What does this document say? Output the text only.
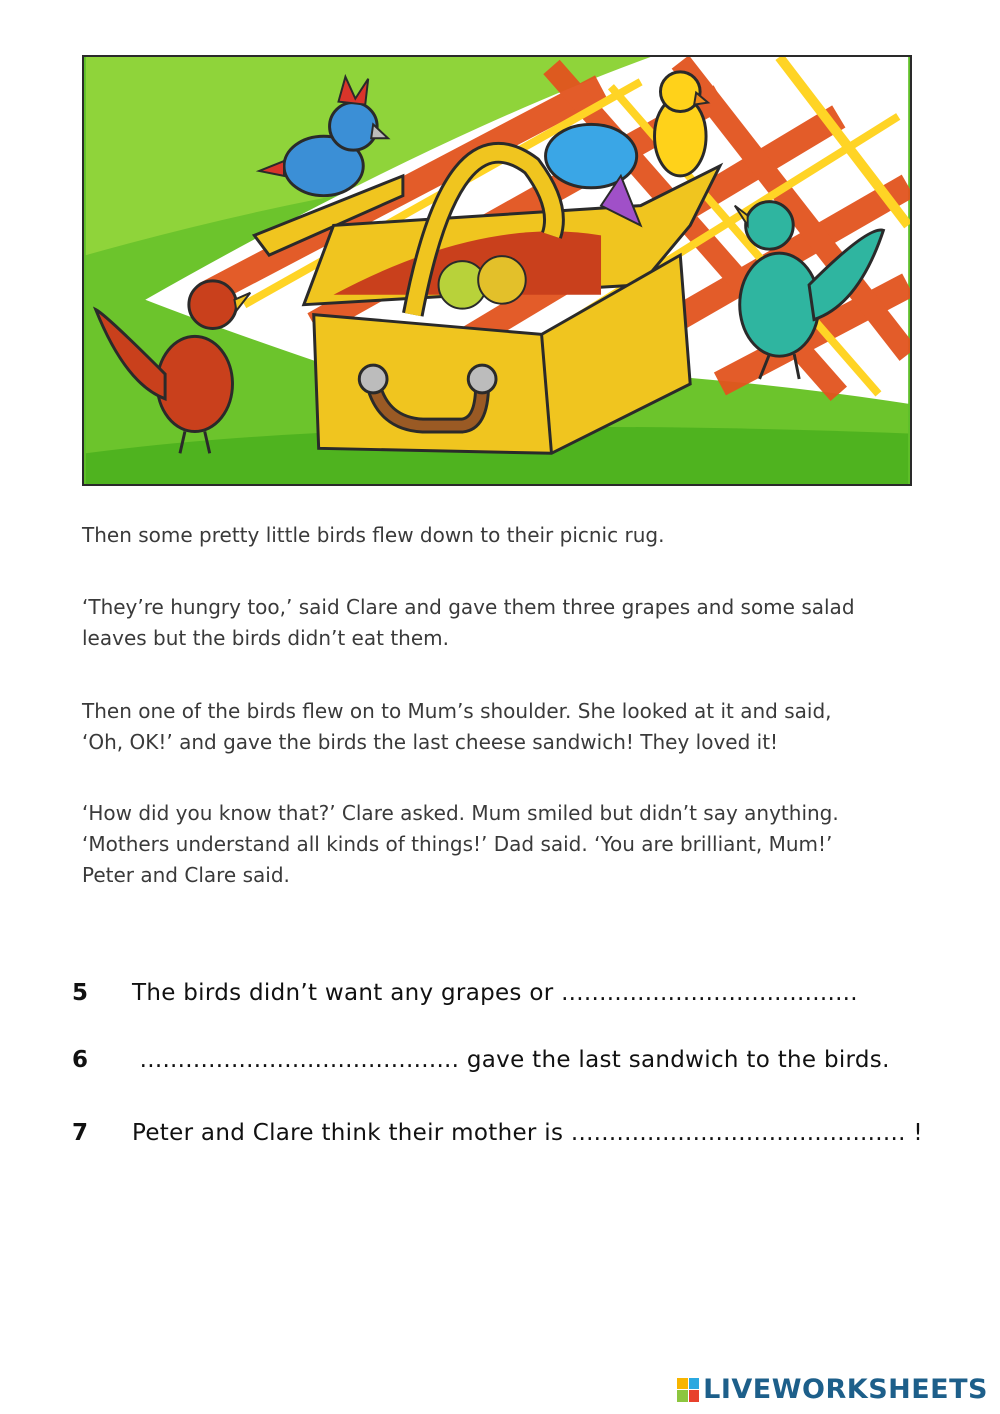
Then some pretty little birds flew down to their picnic rug.

‘They’re hungry too,’ said Clare and gave them three grapes and some salad
leaves but the birds didn’t eat them.

Then one of the birds flew on to Mum’s shoulder. She looked at it and said,
‘Oh, OK!’ and gave the birds the last cheese sandwich! They loved it!

‘How did you know that?’ Clare asked. Mum smiled but didn’t say anything.
‘Mothers understand all kinds of things!’ Dad said. ‘You are brilliant, Mum!’
Peter and Clare said.

5 The birds didn’t want any grapes or .......................................
6 .......................................... gave the last sandwich to the birds.
7 Peter and Clare think their mother is ............................................ !
LIVEWORKSHEETS
